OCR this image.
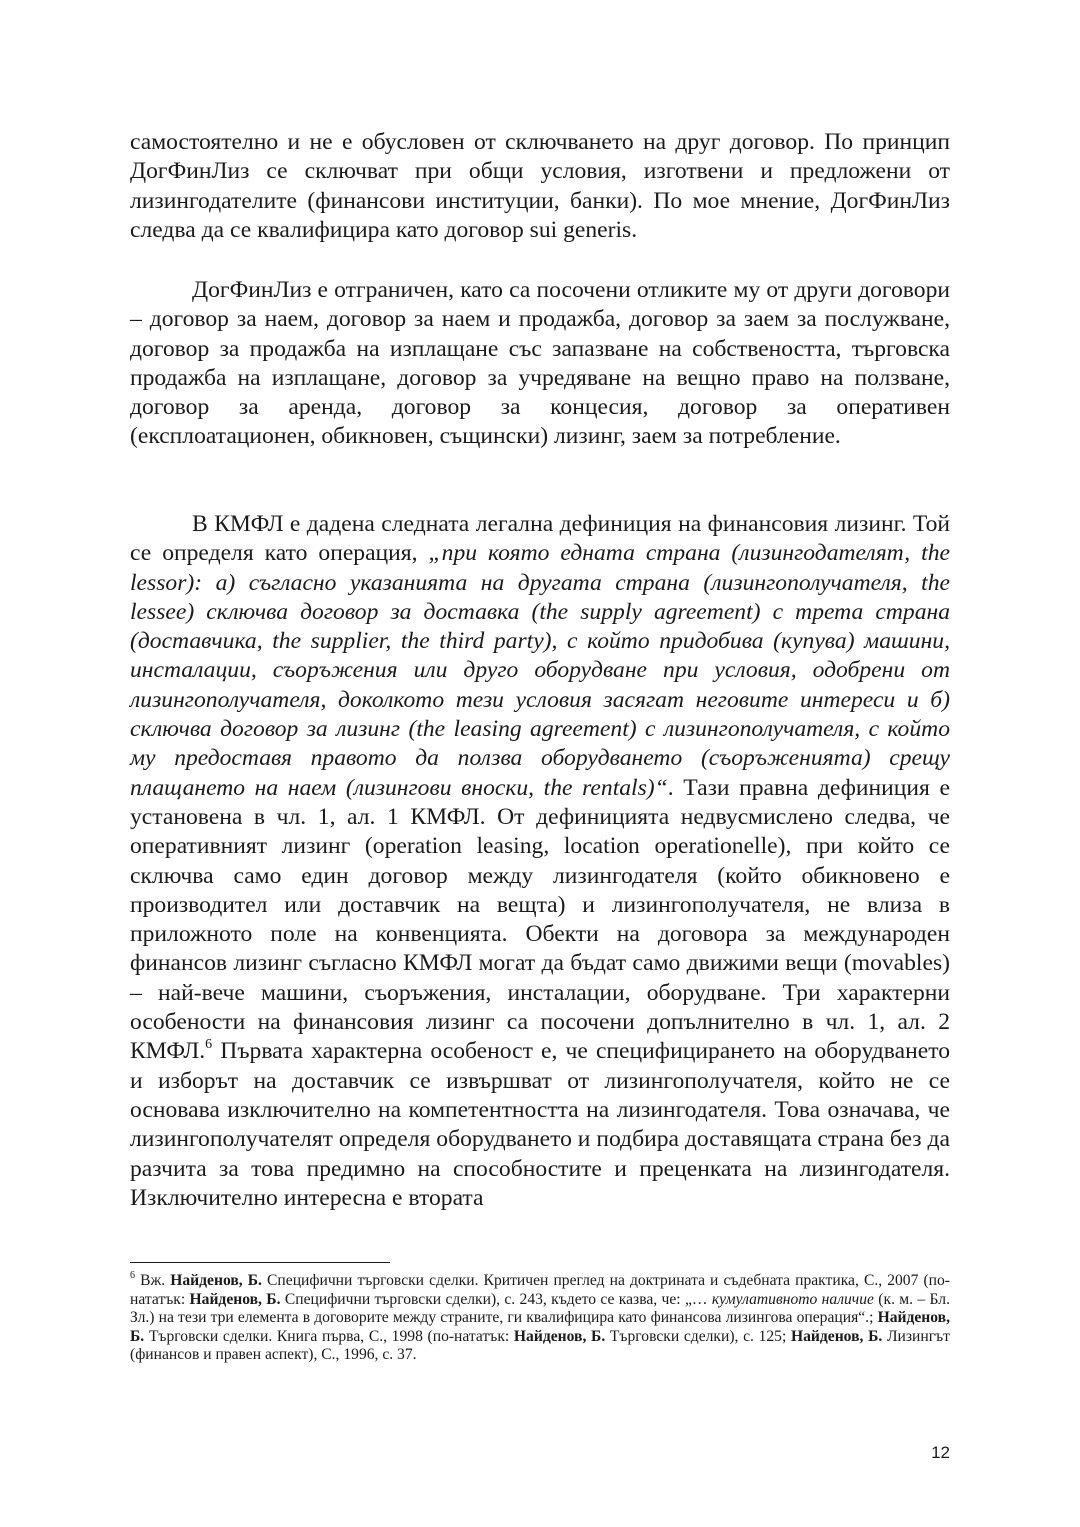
самостоятелно и не е обусловен от сключването на друг договор. По принцип ДогФинЛиз се сключват при общи условия, изготвени и предложени от лизингодателите (финансови институции, банки). По мое мнение, ДогФинЛиз следва да се квалифицира като договор sui generis.

ДогФинЛиз е отграничен, като са посочени отликите му от други договори – договор за наем, договор за наем и продажба, договор за заем за послужване, договор за продажба на изплащане със запазване на собствеността, търговска продажба на изплащане, договор за учредяване на вещно право на ползване, договор за аренда, договор за концесия, договор за оперативен (експлоатационен, обикновен, същински) лизинг, заем за потребление.

В КМФЛ е дадена следната легална дефиниция на финансовия лизинг. Той се определя като операция, „при която едната страна (лизингодателят, the lessor): а) съгласно указанията на другата страна (лизингополучателя, the lessee) сключва договор за доставка (the supply agreement) с трета страна (доставчика, the supplier, the third party), с който придобива (купува) машини, инсталации, съоръжения или друго оборудване при условия, одобрени от лизингополучателя, доколкото тези условия засягат неговите интереси и б) сключва договор за лизинг (the leasing agreement) с лизингополучателя, с който му предоставя правото да ползва оборудването (съоръженията) срещу плащането на наем (лизингови вноски, the rentals)“. Тази правна дефиниция е установена в чл. 1, ал. 1 КМФЛ. От дефиницията недвусмислено следва, че оперативният лизинг (operation leasing, location operationelle), при който се сключва само един договор между лизингодателя (който обикновено е производител или доставчик на вещта) и лизингополучателя, не влиза в приложното поле на конвенцията. Обекти на договора за международен финансов лизинг съгласно КМФЛ могат да бъдат само движими вещи (movables) – най-вече машини, съоръжения, инсталации, оборудване. Три характерни особености на финансовия лизинг са посочени допълнително в чл. 1, ал. 2 КМФЛ.$^6$ Първата характерна особеност е, че специфицирането на оборудването и изборът на доставчик се извършват от лизингополучателя, който не се основава изключително на компетентността на лизингодателя. Това означава, че лизингополучателят определя оборудването и подбира доставящата страна без да разчита за това предимно на способностите и преценката на лизингодателя. Изключително интересна е втората

$^6$ Вж. Найденов, Б. Специфични търговски сделки. Критичен преглед на доктрината и съдебната практика, С., 2007 (по-нататък: Найденов, Б. Специфични търговски сделки), с. 243, където се казва, че: „… кумулативното наличие (к. м. – Бл. Зл.) на тези три елемента в договорите между страните, ги квалифицира като финансова лизингова операция“.; Найденов, Б. Търговски сделки. Книга първа, С., 1998 (по-нататък: Найденов, Б. Търговски сделки), с. 125; Найденов, Б. Лизингът (финансов и правен аспект), С., 1996, с. 37.

12
